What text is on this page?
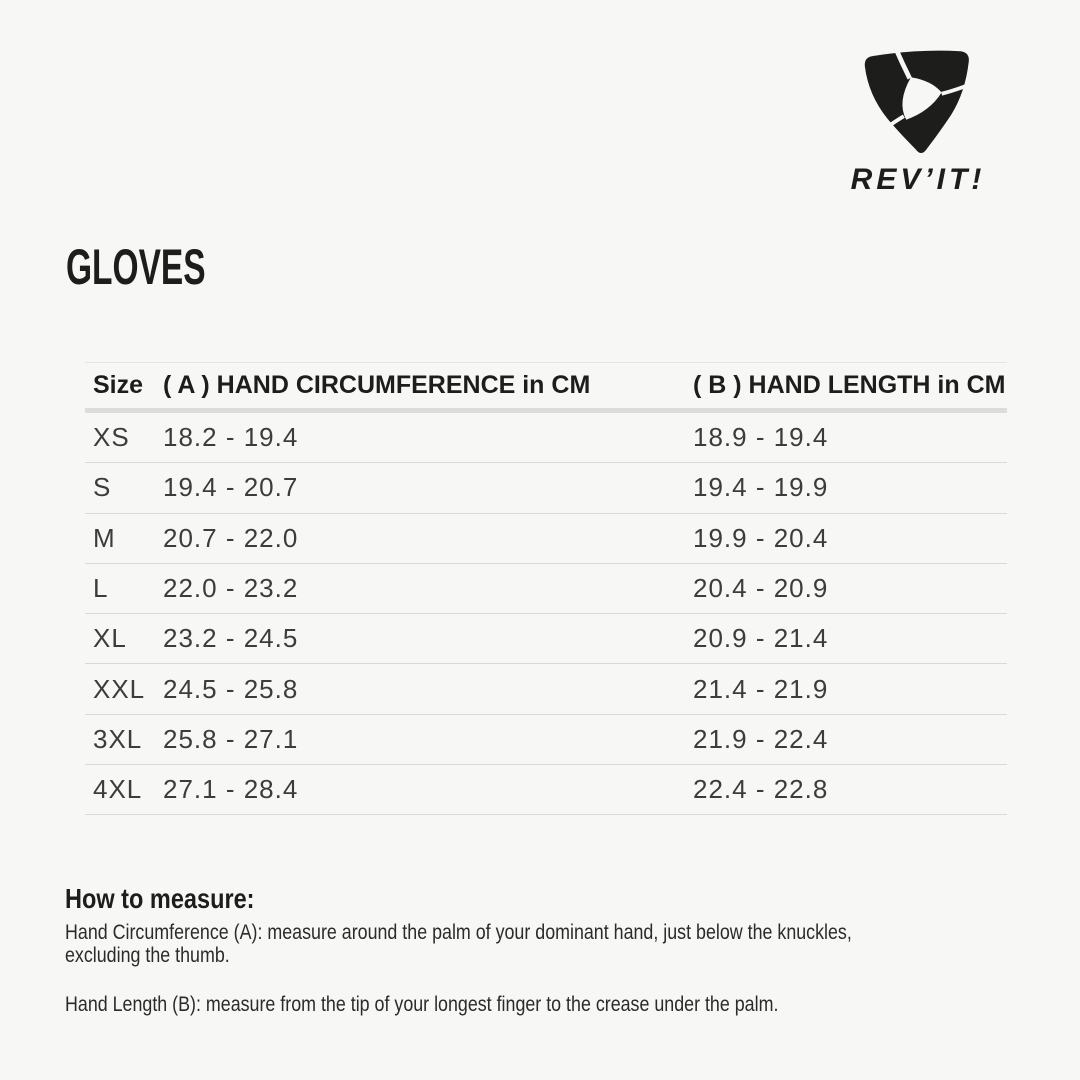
REV’IT!
GLOVES
Size ( A ) HAND CIRCUMFERENCE in CM	( B ) HAND LENGTH in CM
XS	18.2 - 19.4	18.9 - 19.4
S	19.4 - 20.7	19.4 - 19.9
M	20.7 - 22.0	19.9 - 20.4
L	22.0 - 23.2	20.4 - 20.9
XL	23.2 - 24.5	20.9 - 21.4
XXL 24.5 - 25.8	21.4 - 21.9
3XL 25.8 - 27.1	21.9 - 22.4
4XL 27.1 - 28.4	22.4 - 22.8
How to measure:

Hand Circumference (A): measure around the palm of your dominant hand, just below the knuckles,
excluding the thumb.

Hand Length (B): measure from the tip of your longest finger to the crease under the palm.
